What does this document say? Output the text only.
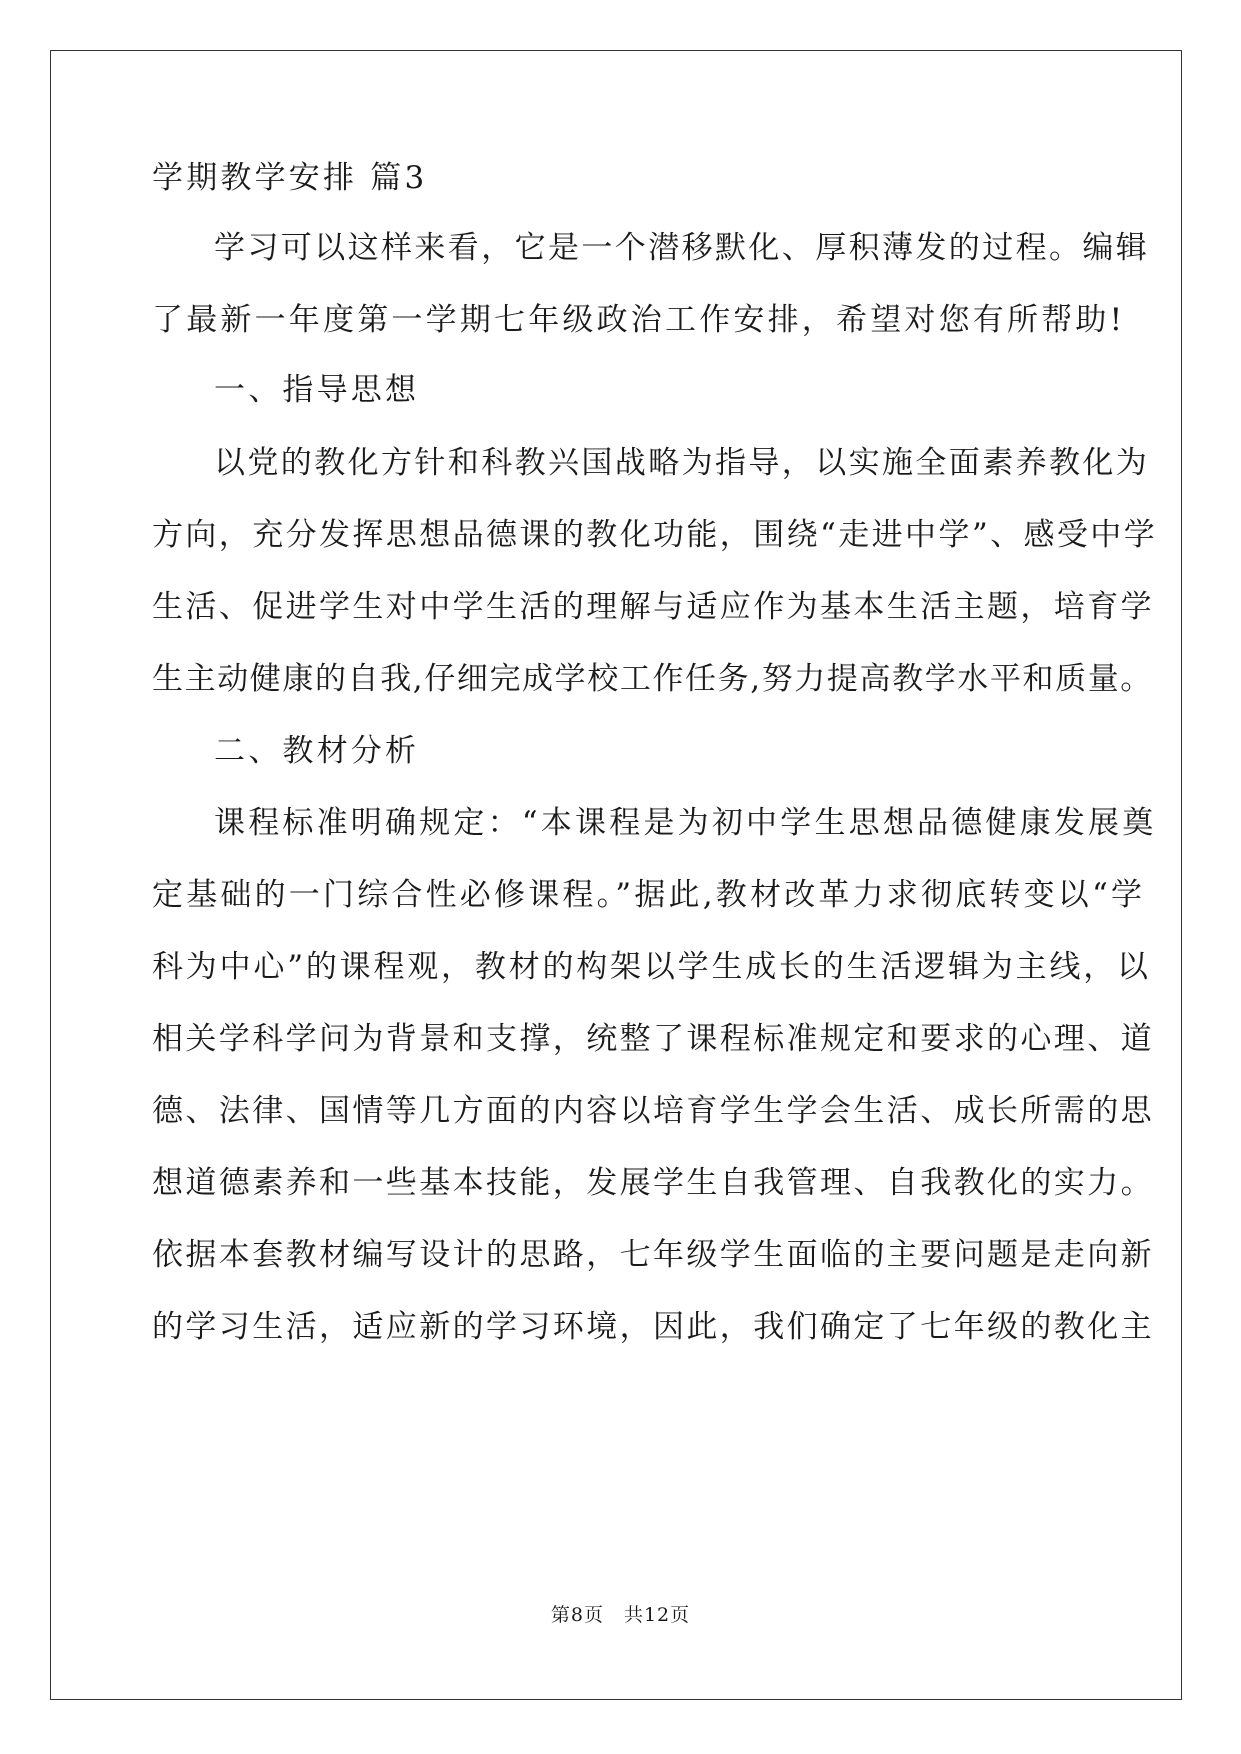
学期教学安排 篇3
学习可以这样来看，它是一个潜移默化、厚积薄发的过程。编辑
了最新一年度第一学期七年级政治工作安排，希望对您有所帮助!
一、指导思想
以党的教化方针和科教兴国战略为指导，以实施全面素养教化为
方向，充分发挥思想品德课的教化功能，围绕“走进中学”、感受中学
生活、促进学生对中学生活的理解与适应作为基本生活主题，培育学
生主动健康的自我,仔细完成学校工作任务,努力提高教学水平和质量。
二、教材分析
课程标准明确规定：“本课程是为初中学生思想品德健康发展奠
定基础的一门综合性必修课程。”据此,教材改革力求彻底转变以“学
科为中心”的课程观，教材的构架以学生成长的生活逻辑为主线，以
相关学科学问为背景和支撑，统整了课程标准规定和要求的心理、道
德、法律、国情等几方面的内容以培育学生学会生活、成长所需的思
想道德素养和一些基本技能，发展学生自我管理、自我教化的实力。
依据本套教材编写设计的思路，七年级学生面临的主要问题是走向新
的学习生活，适应新的学习环境，因此，我们确定了七年级的教化主
第8页 共12页
